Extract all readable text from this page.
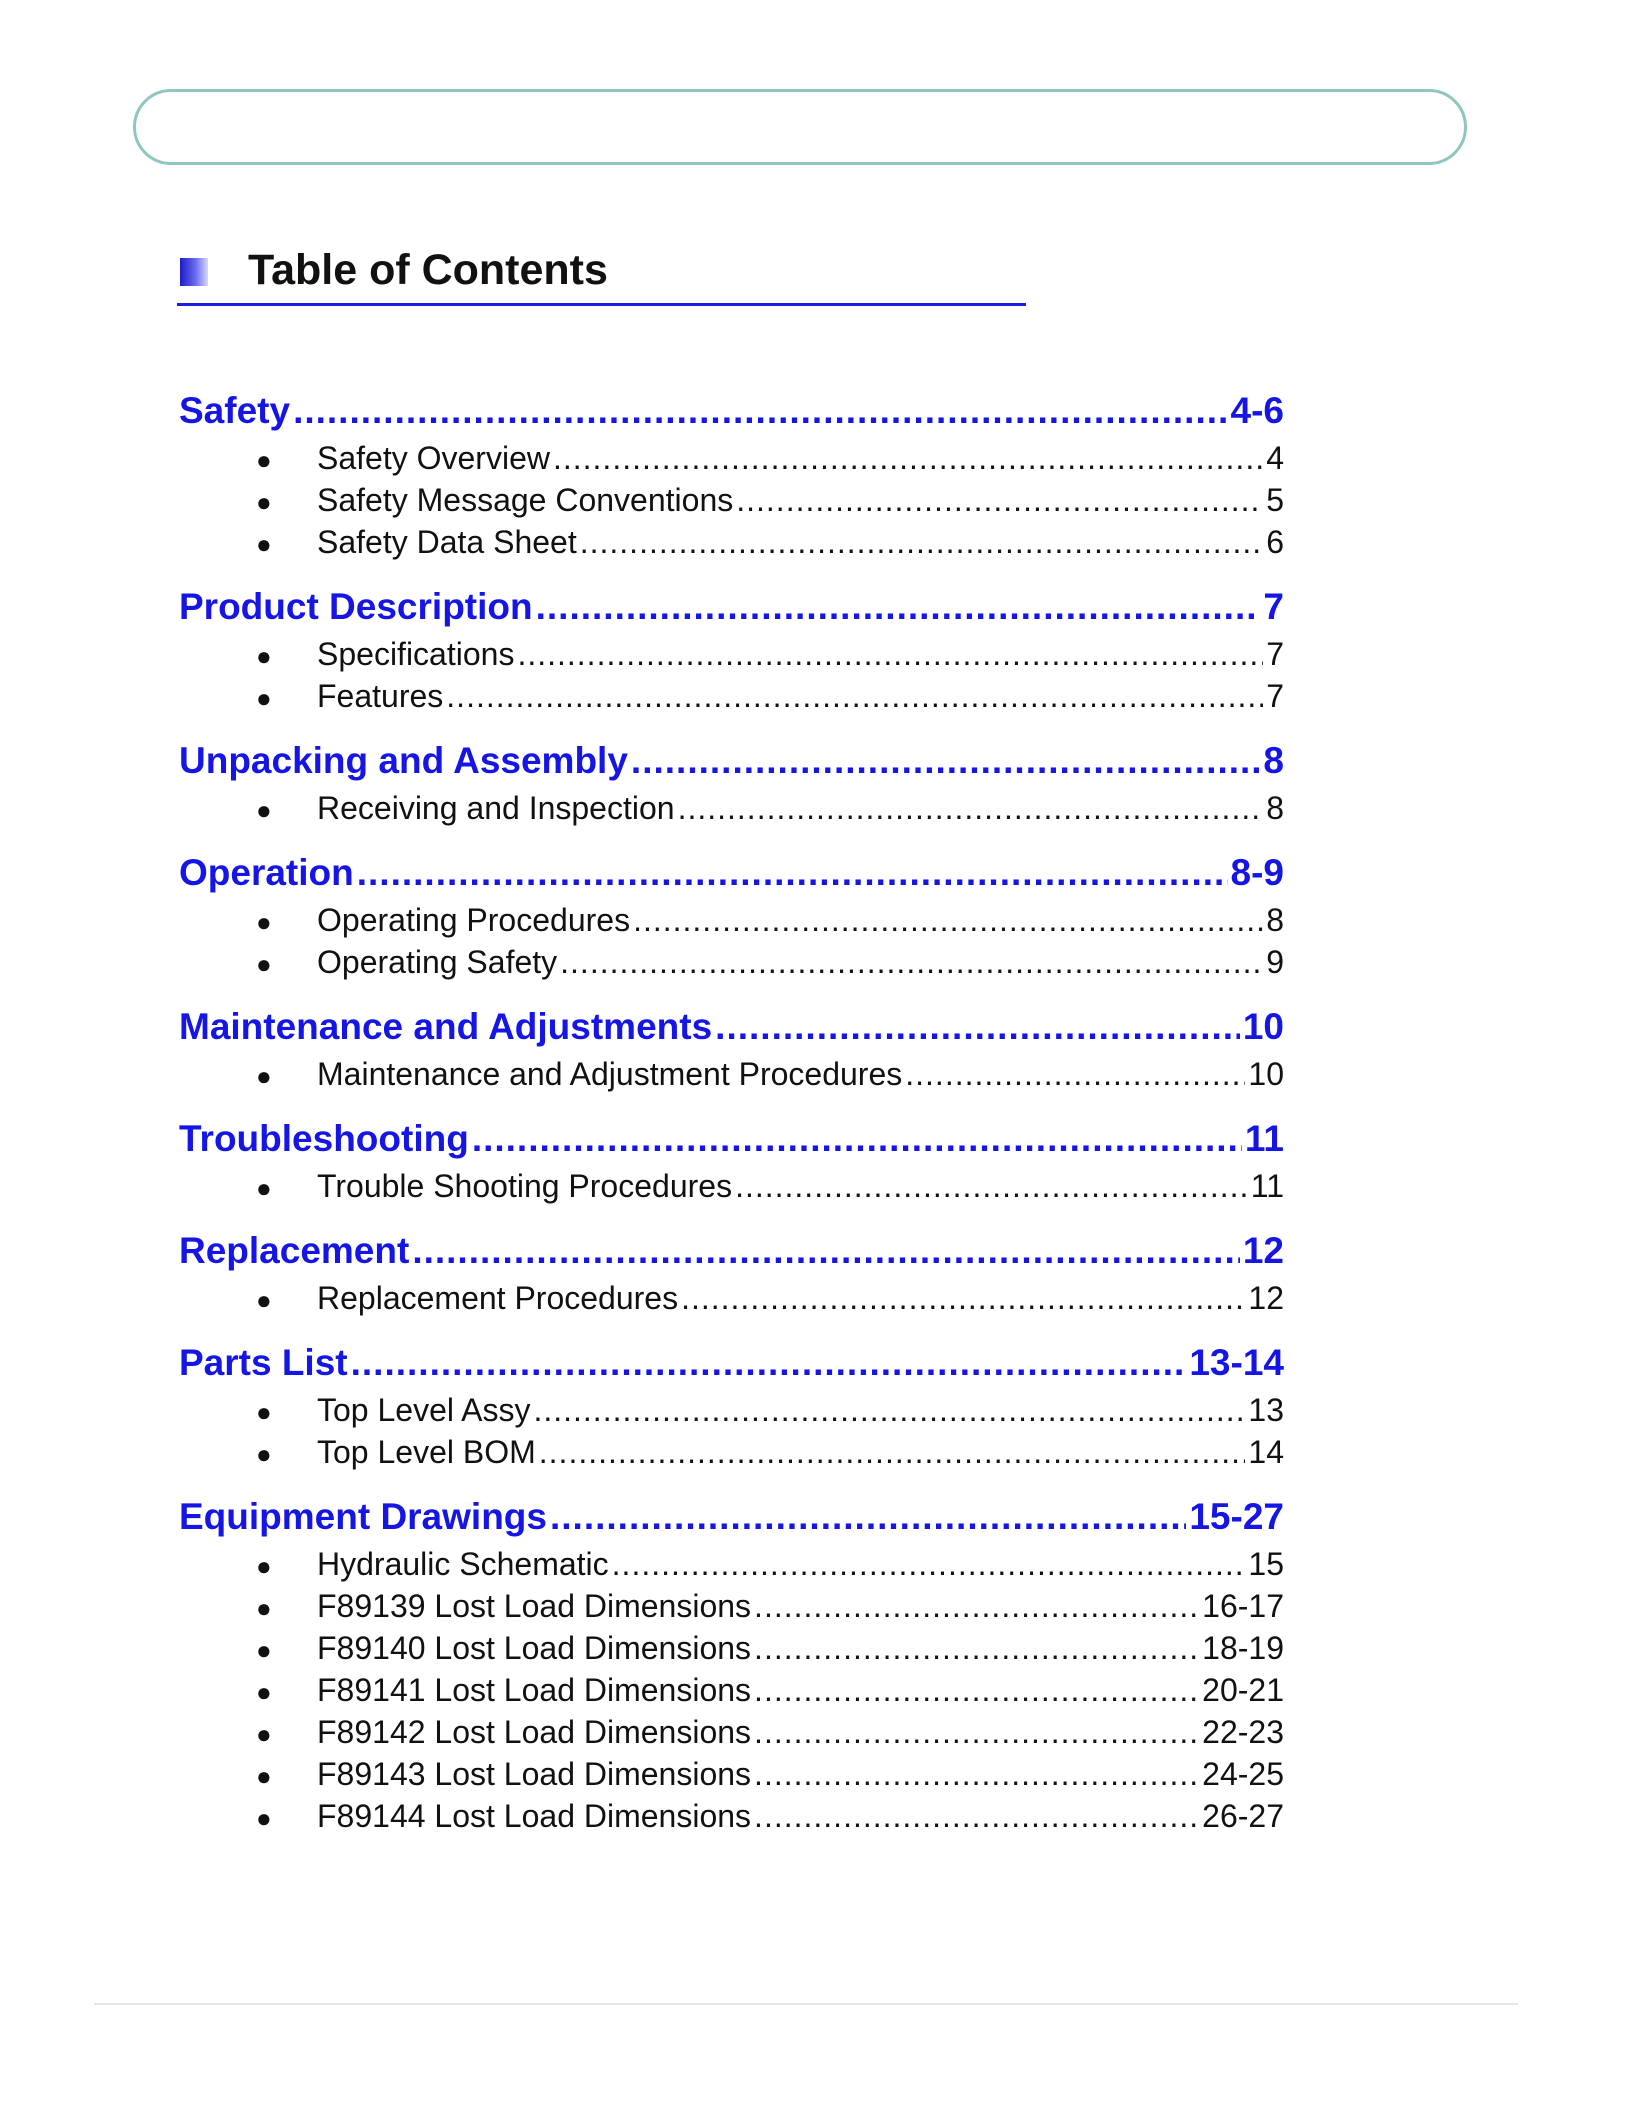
Table of Contents
Safety .....	4-6
●	Safety Overview .....	4
●	Safety Message Conventions .....	5
●	Safety Data Sheet .....	6
Product Description .....	7
●	Specifications .....	7
●	Features .....	7
Unpacking and Assembly .....	8
●	Receiving and Inspection .....	8
Operation .....	8-9
●	Operating Procedures .....	8
●	Operating Safety .....	9
Maintenance and Adjustments .....	10
●	Maintenance and Adjustment Procedures .....	10
Troubleshooting .....	11
●	Trouble Shooting Procedures .....	11
Replacement .....	12
●	Replacement Procedures .....	12
Parts List .....	13-14
●	Top Level Assy .....	13
●	Top Level BOM .....	14
Equipment Drawings .....	15-27
●	Hydraulic Schematic .....	15
●	F89139 Lost Load Dimensions .....	16-17
●	F89140 Lost Load Dimensions .....	18-19
●	F89141 Lost Load Dimensions .....	20-21
●	F89142 Lost Load Dimensions .....	22-23
●	F89143 Lost Load Dimensions .....	24-25
●	F89144 Lost Load Dimensions .....	26-27
